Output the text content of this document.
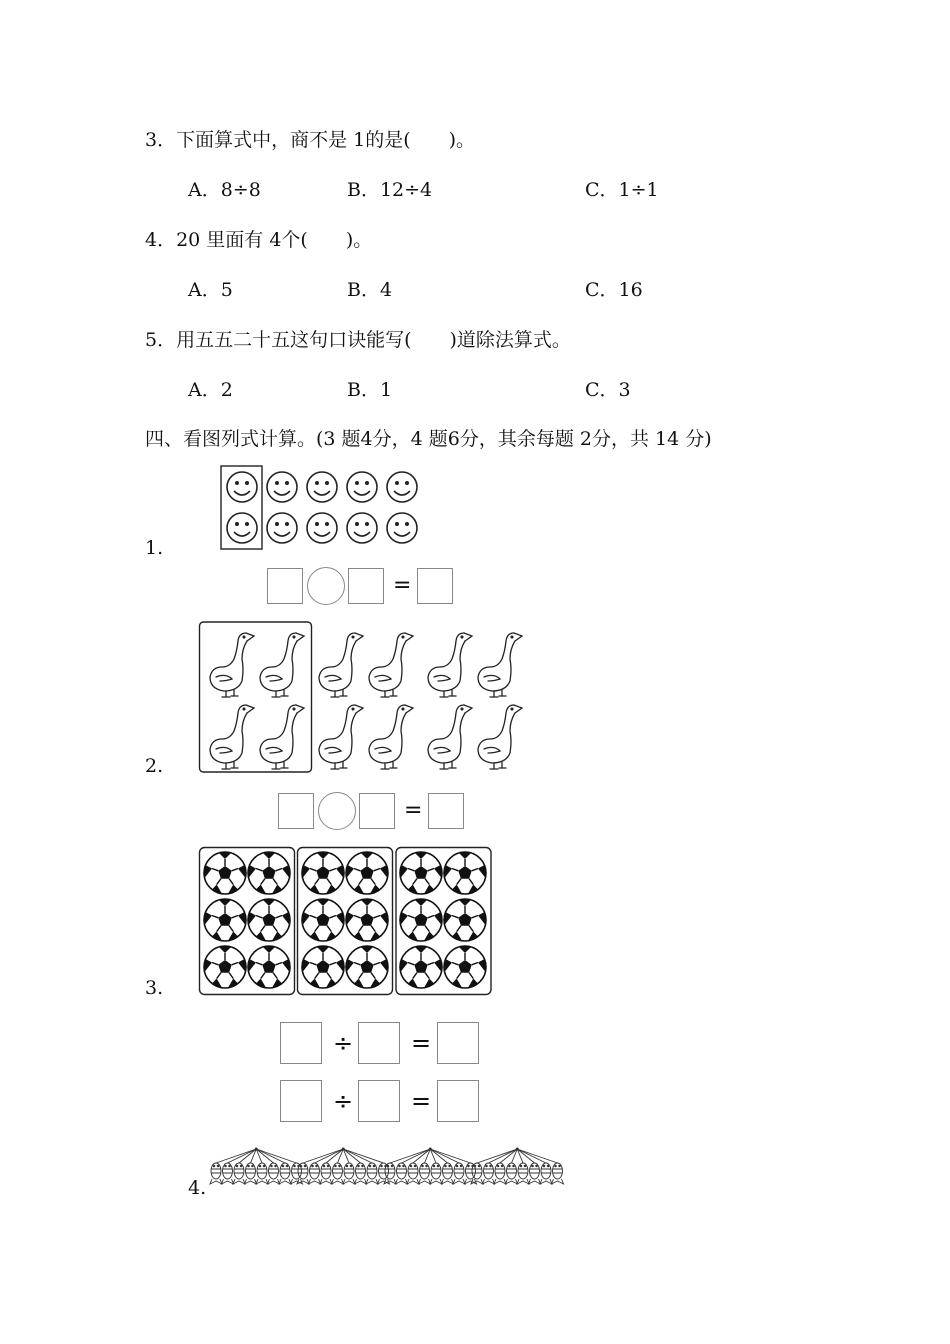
3．下面算式中，商不是 1的是(　　)。
A．8÷8	B．12÷4	C．1÷1
4．20 里面有 4个(　　)。
A．5	B．4	C．16
5．用五五二十五这句口诀能写(　　)道除法算式。
A．2	B．1	C．3
四、看图列式计算。(3 题4分，4 题6分，其余每题 2分，共 14 分)
1.
=
2.
=
3.
÷ =
÷ =
4.
